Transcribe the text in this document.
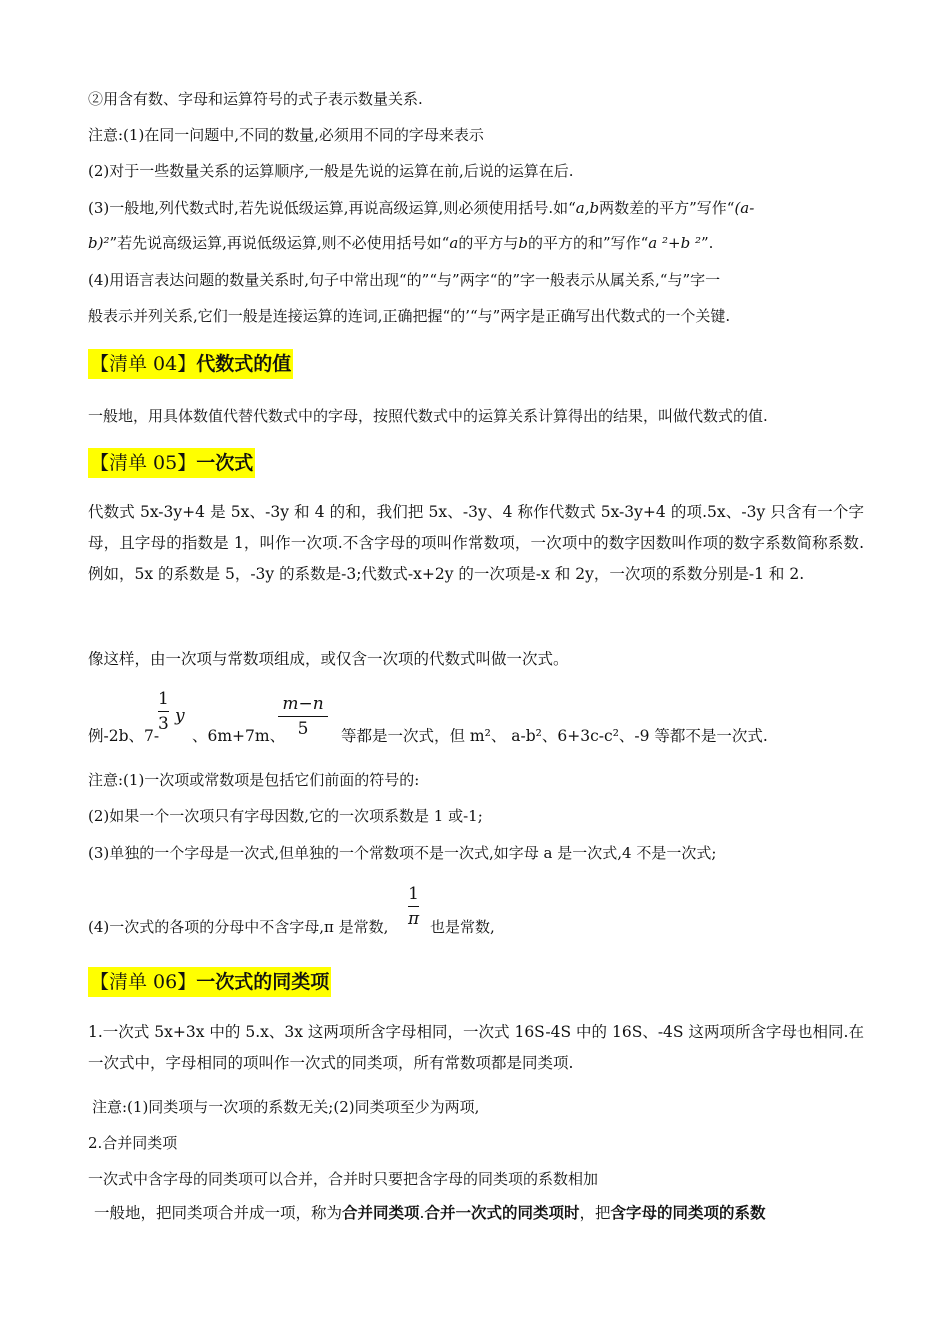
②用含有数、字母和运算符号的式子表示数量关系.
注意:(1)在同一问题中,不同的数量,必须用不同的字母来表示
(2)对于一些数量关系的运算顺序,一般是先说的运算在前,后说的运算在后.
(3)一般地,列代数式时,若先说低级运算,再说高级运算,则必须使用括号.如“a,b两数差的平方”写作“(a-
b)²”若先说高级运算,再说低级运算,则不必使用括号如“a的平方与b的平方的和”写作“a ²+b ²”.
(4)用语言表达问题的数量关系时,句子中常出现“的”“与”两字“的”字一般表示从属关系,“与”字一
般表示并列关系,它们一般是连接运算的连词,正确把握“的’“与”两字是正确写出代数式的一个关键.
【清单 04】代数式的值
一般地，用具体数值代替代数式中的字母，按照代数式中的运算关系计算得出的结果，叫做代数式的值.
【清单 05】一次式
代数式 5x-3y+4 是 5x、-3y 和 4 的和，我们把 5x、-3y、4 称作代数式 5x-3y+4 的项.5x、-3y 只含有一个字母，且字母的指数是 1，叫作一次项.不含字母的项叫作常数项，一次项中的数字因数叫作项的数字系数简称系数.例如，5x 的系数是 5，-3y 的系数是-3;代数式-x+2y 的一次项是-x 和 2y，一次项的系数分别是-1 和 2.
像这样，由一次项与常数项组成，或仅含一次项的代数式叫做一次式。
例-2b、7-
1
3 y
、6m+7m、
m−n
5	等都是一次式，但 m²、 a-b²、6+3c-c²、-9 等都不是一次式.
注意:(1)一次项或常数项是包括它们前面的符号的:
(2)如果一个一次项只有字母因数,它的一次项系数是 1 或-1;
(3)单独的一个字母是一次式,但单独的一个常数项不是一次式,如字母 a 是一次式,4 不是一次式;
(4)一次式的各项的分母中不含字母,π 是常数,
1
π 也是常数,
【清单 06】一次式的同类项
1.一次式 5x+3x 中的 5.x、3x 这两项所含字母相同，一次式 16S-4S 中的 16S、-4S 这两项所含字母也相同.在一次式中，字母相同的项叫作一次式的同类项，所有常数项都是同类项.
注意:(1)同类项与一次项的系数无关;(2)同类项至少为两项,
2.合并同类项
一次式中含字母的同类项可以合并，合并时只要把含字母的同类项的系数相加
一般地，把同类项合并成一项，称为合并同类项.合并一次式的同类项时，把含字母的同类项的系数
